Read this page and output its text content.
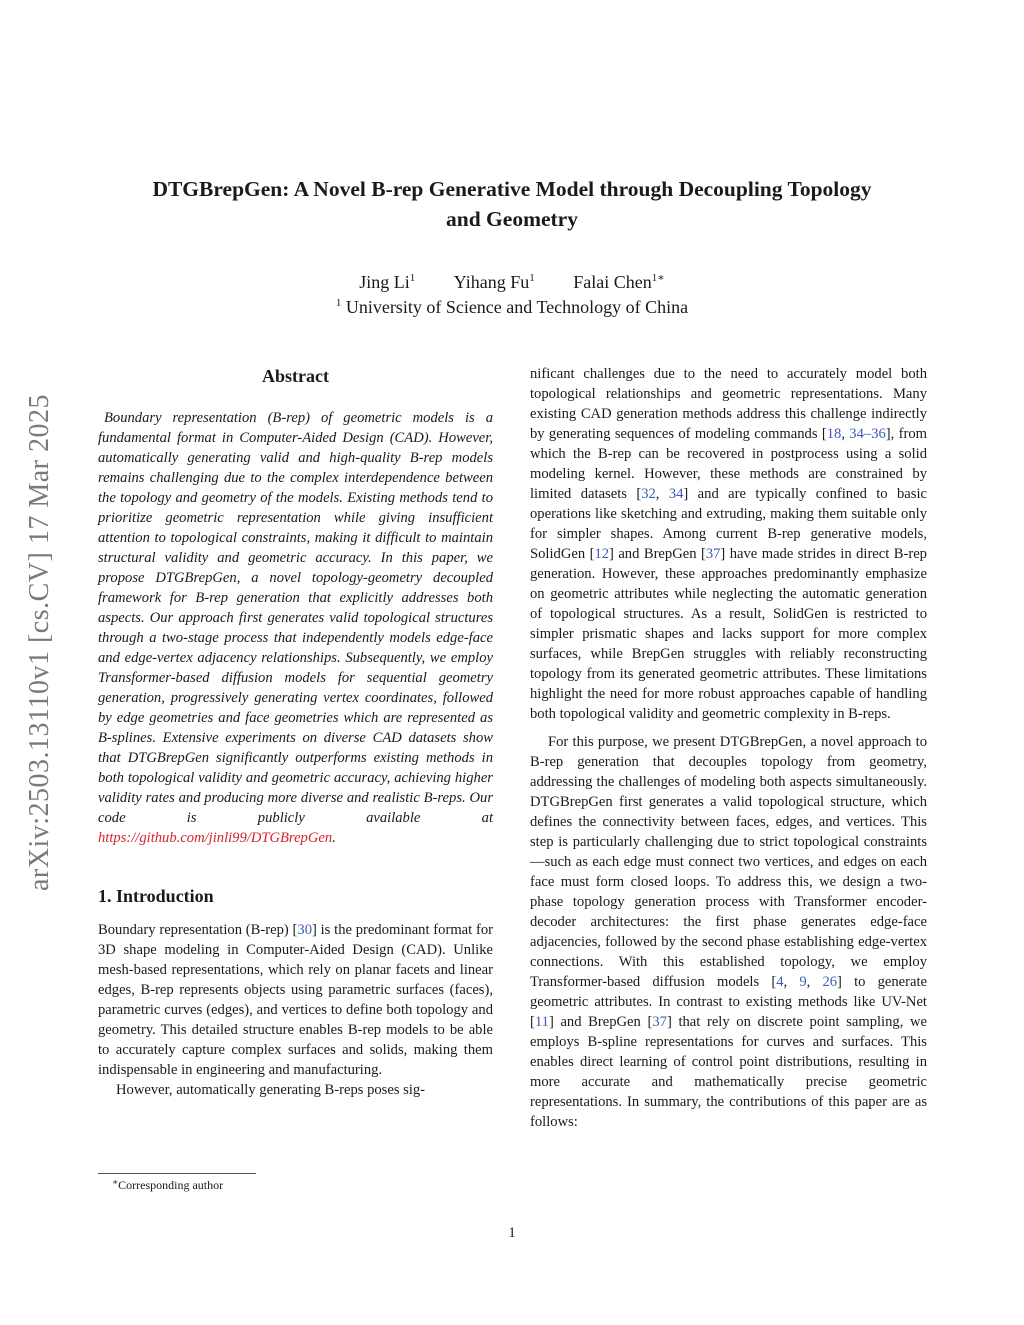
arXiv:2503.13110v1 [cs.CV] 17 Mar 2025
DTGBrepGen: A Novel B-rep Generative Model through Decoupling Topology
and Geometry
Jing Li$^1$ Yihang Fu$^1$ Falai Chen$^{1∗}$
$^1$ University of Science and Technology of China
Abstract

Boundary representation (B-rep) of geometric models is a fundamental format in Computer-Aided Design (CAD). However, automatically generating valid and high-quality B-rep models remains challenging due to the complex interdependence between the topology and geometry of the models. Existing methods tend to prioritize geometric representation while giving insufficient attention to topological constraints, making it difficult to maintain structural validity and geometric accuracy. In this paper, we propose DTGBrepGen, a novel topology-geometry decoupled framework for B-rep generation that explicitly addresses both aspects. Our approach first generates valid topological structures through a two-stage process that independently models edge-face and edge-vertex adjacency relationships. Subsequently, we employ Transformer-based diffusion models for sequential geometry generation, progressively generating vertex coordinates, followed by edge geometries and face geometries which are represented as B-splines. Extensive experiments on diverse CAD datasets show that DTGBrepGen significantly outperforms existing methods in both topological validity and geometric accuracy, achieving higher validity rates and producing more diverse and realistic B-reps. Our code is publicly available at https://github.com/jinli99/DTGBrepGen.

1. Introduction

Boundary representation (B-rep) [30] is the predominant format for 3D shape modeling in Computer-Aided Design (CAD). Unlike mesh-based representations, which rely on planar facets and linear edges, B-rep represents objects using parametric surfaces (faces), parametric curves (edges), and vertices to define both topology and geometry. This detailed structure enables B-rep models to be able to accurately capture complex surfaces and solids, making them indispensable in engineering and manufacturing.

However, automatically generating B-reps poses sig-

nificant challenges due to the need to accurately model both topological relationships and geometric representations. Many existing CAD generation methods address this challenge indirectly by generating sequences of modeling commands [18, 34–36], from which the B-rep can be recovered in postprocess using a solid modeling kernel. However, these methods are constrained by limited datasets [32, 34] and are typically confined to basic operations like sketching and extruding, making them suitable only for simpler shapes. Among current B-rep generative models, SolidGen [12] and BrepGen [37] have made strides in direct B-rep generation. However, these approaches predominantly emphasize on geometric attributes while neglecting the automatic generation of topological structures. As a result, SolidGen is restricted to simpler prismatic shapes and lacks support for more complex surfaces, while BrepGen struggles with reliably reconstructing topology from its generated geometric attributes. These limitations highlight the need for more robust approaches capable of handling both topological validity and geometric complexity in B-reps.

For this purpose, we present DTGBrepGen, a novel approach to B-rep generation that decouples topology from geometry, addressing the challenges of modeling both aspects simultaneously. DTGBrepGen first generates a valid topological structure, which defines the connectivity between faces, edges, and vertices. This step is particularly challenging due to strict topological constraints—such as each edge must connect two vertices, and edges on each face must form closed loops. To address this, we design a two-phase topology generation process with Transformer encoder-decoder architectures: the first phase generates edge-face adjacencies, followed by the second phase establishing edge-vertex connections. With this established topology, we employ Transformer-based diffusion models [4, 9, 26] to generate geometric attributes. In contrast to existing methods like UV-Net [11] and BrepGen [37] that rely on discrete point sampling, we employs B-spline representations for curves and surfaces. This enables direct learning of control point distributions, resulting in more accurate and mathematically precise geometric representations. In summary, the contributions of this paper are as follows:

∗Corresponding author
1
